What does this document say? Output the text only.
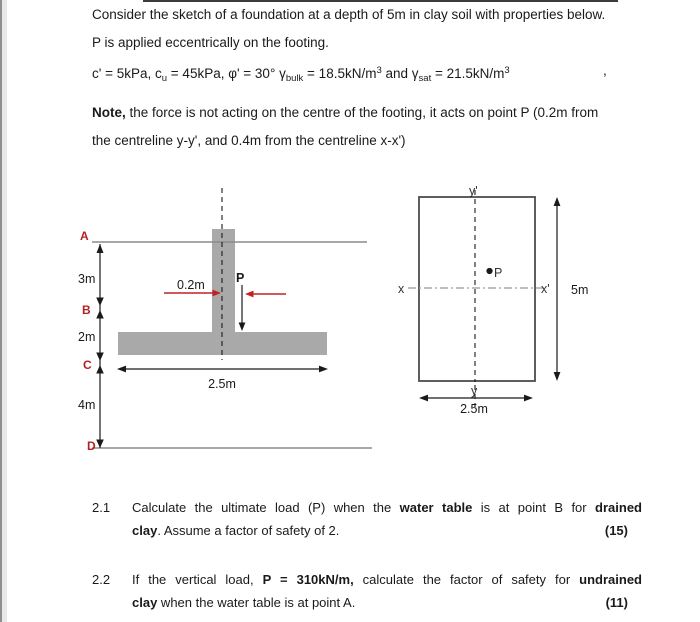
Consider the sketch of a foundation at a depth of 5m in clay soil with properties below.
P is applied eccentrically on the footing.
c' = 5kPa, $c_u = 45kPa$, φ' = 30° $\gamma_{bulk} = 18.5kN/m^3$ and $\gamma_{sat} = 21.5kN/m^3$	,
Note, the force is not acting on the centre of the footing, it acts on point P (0.2m from
the centreline y-y', and 0.4m from the centreline x-x')
A
3m
B
2m
C
4m
D
0.2m P
2.5m
y'
y
x	x'
P
5m
2.5m
2.1 Calculate the ultimate load (P) when the water table is at point B for drained
clay. Assume a factor of safety of 2.	(15)
2.2 If the vertical load, P = 310kN/m, calculate the factor of safety for undrained
clay when the water table is at point A.	(11)
